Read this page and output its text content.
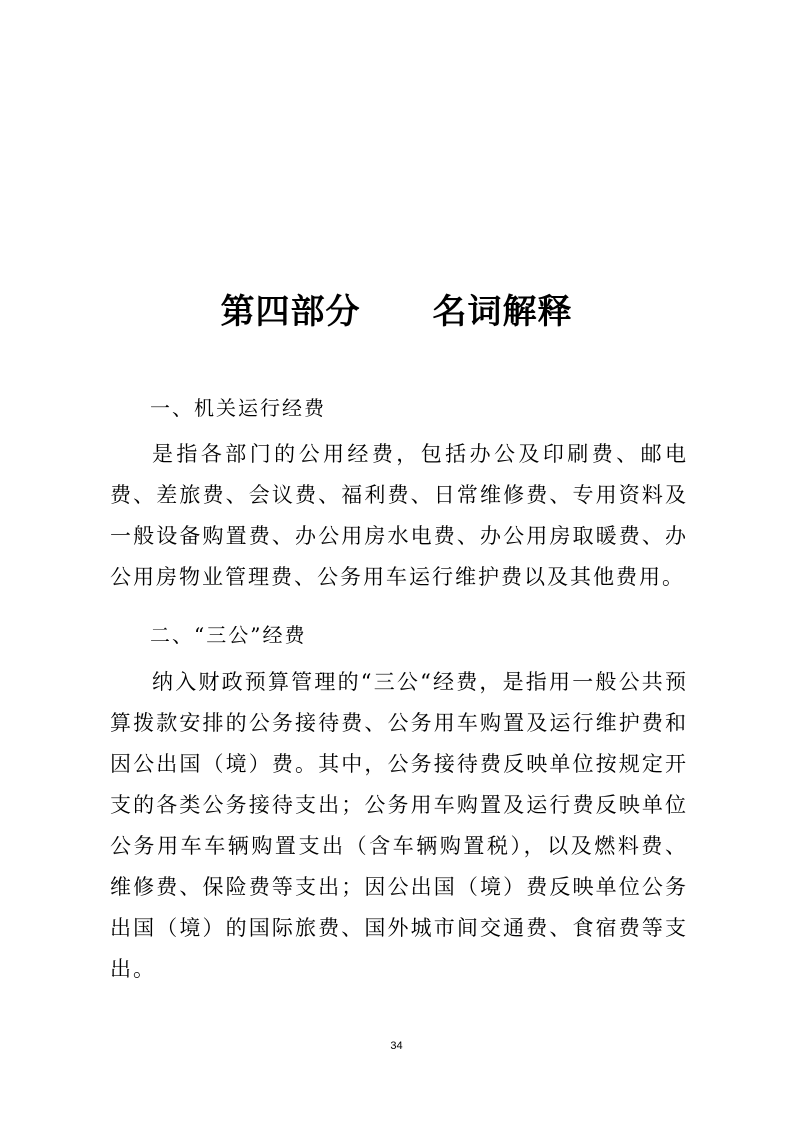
第四部分 名词解释
一、机关运行经费
是指各部门的公用经费，包括办公及印刷费、邮电费、差旅费、会议费、福利费、日常维修费、专用资料及一般设备购置费、办公用房水电费、办公用房取暖费、办公用房物业管理费、公务用车运行维护费以及其他费用。
二、“三公”经费
纳入财政预算管理的“三公“经费，是指用一般公共预算拨款安排的公务接待费、公务用车购置及运行维护费和因公出国（境）费。其中，公务接待费反映单位按规定开支的各类公务接待支出；公务用车购置及运行费反映单位公务用车车辆购置支出（含车辆购置税），以及燃料费、维修费、保险费等支出；因公出国（境）费反映单位公务出国（境）的国际旅费、国外城市间交通费、食宿费等支出。
34
